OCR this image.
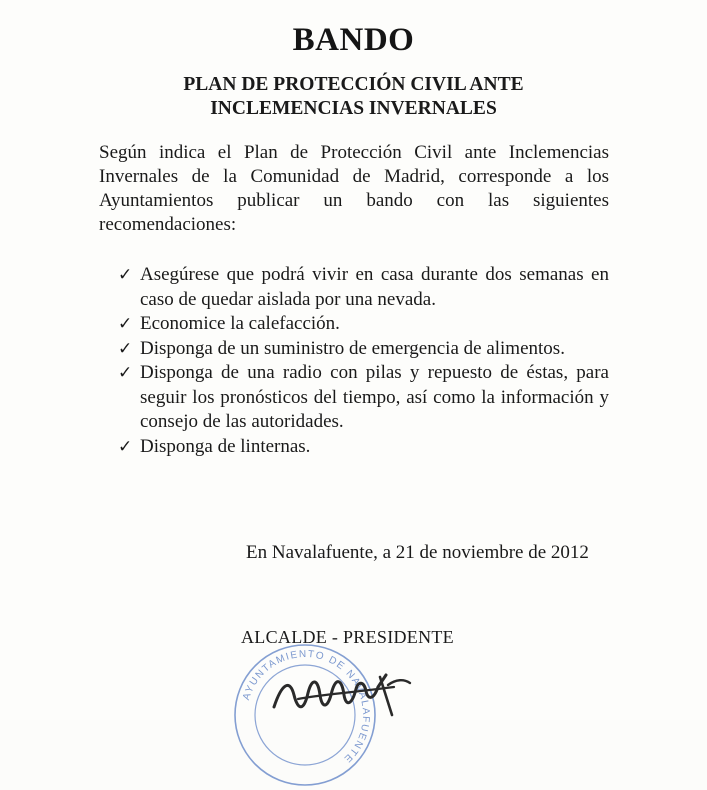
BANDO
PLAN DE PROTECCIÓN CIVIL ANTE
INCLEMENCIAS INVERNALES

Según indica el Plan de Protección Civil ante Inclemencias Invernales de la Comunidad de Madrid, corresponde a los Ayuntamientos publicar un bando con las siguientes recomendaciones:

✓ Asegúrese que podrá vivir en casa durante dos semanas en caso de quedar aislada por una nevada.
✓ Economice la calefacción.
✓ Disponga de un suministro de emergencia de alimentos.
✓ Disponga de una radio con pilas y repuesto de éstas, para seguir los pronósticos del tiempo, así como la información y consejo de las autoridades.
✓ Disponga de linternas.
En Navalafuente, a 21 de noviembre de 2012
AYUNTAMIENTO DE NAVALAFUENTE
ALCALDE - PRESIDENTE
